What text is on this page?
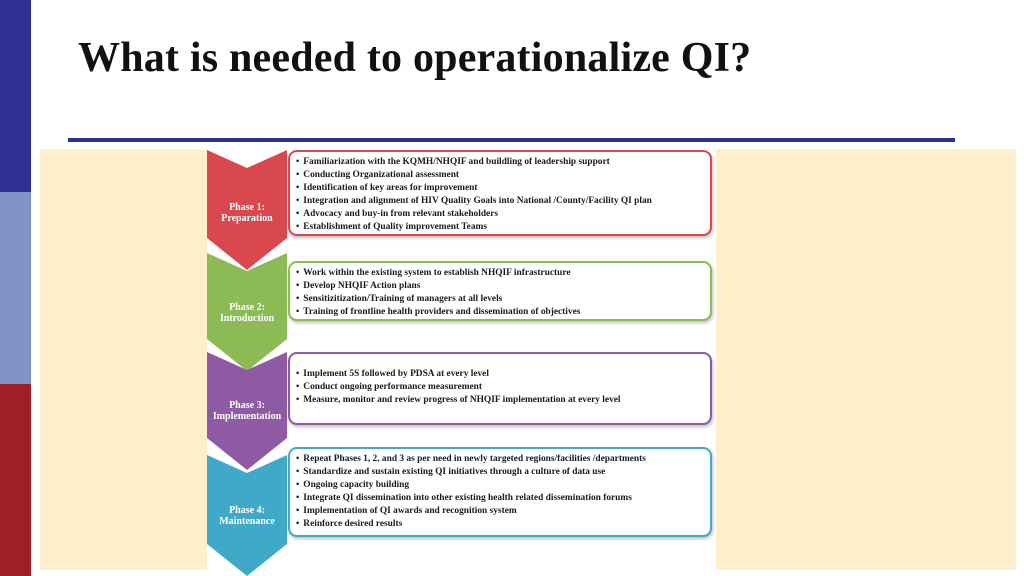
What is needed to operationalize QI?
Phase 1:
Preparation
• Familiarization with the KQMH/NHQIF and buildling of leadership support
• Conducting Organizational assessment
• Identification of key areas for improvement
• Integration and alignment of HIV Quality Goals into National /County/Facility QI plan
• Advocacy and buy-in from relevant stakeholders
• Establishment of Quality improvement Teams
Phase 2:
Introduction
• Work within the existing system to establish NHQIF infrastructure
• Develop NHQIF Action plans
• Sensitizitization/Training of managers at all levels
• Training of frontline health providers and dissemination of objectives
Phase 3:
Implementation
• Implement 5S followed by PDSA at every level
• Conduct ongoing performance measurement
• Measure, monitor and review progress of NHQIF implementation at every level
Phase 4:
Maintenance
• Repeat Phases 1, 2, and 3 as per need in newly targeted regions/facilities /departments
• Standardize and sustain existing QI initiatives through a culture of data use
• Ongoing capacity building
• Integrate QI dissemination into other existing health related dissemination forums
• Implementation of QI awards and recognition system
• Reinforce desired results
